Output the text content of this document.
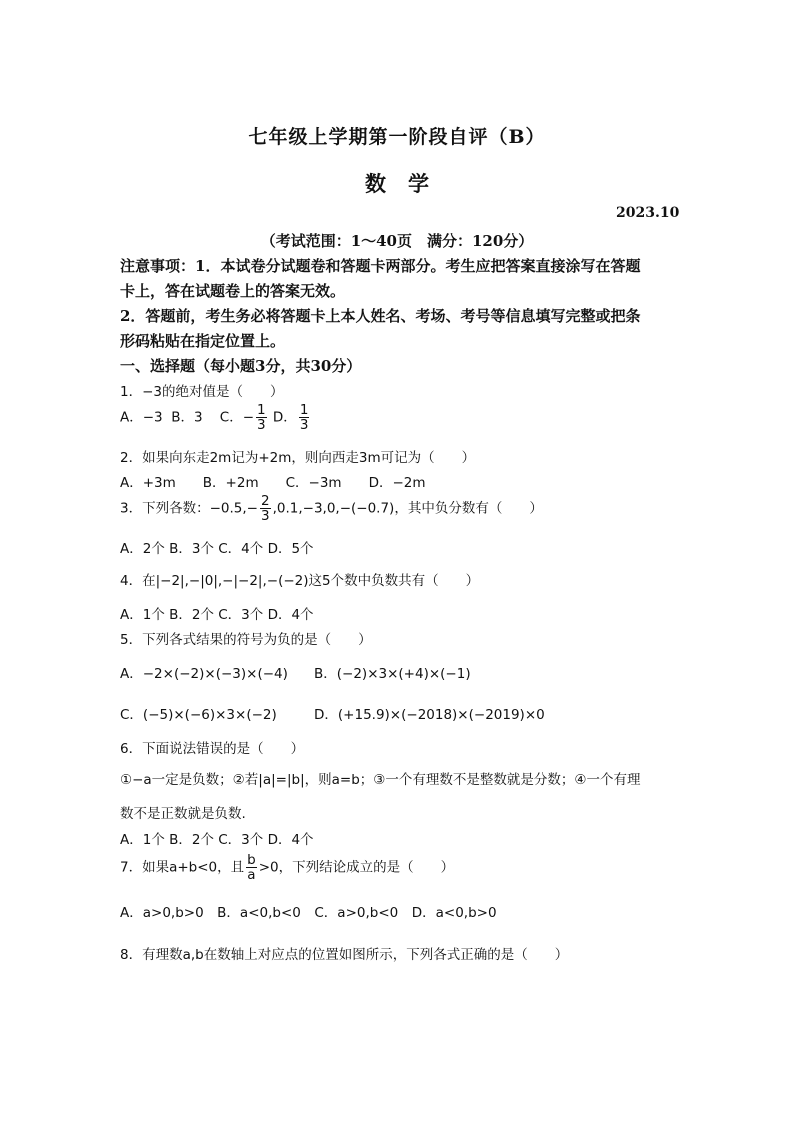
七年级上学期第一阶段自评（B）
数学
2023.10
（考试范围：1～40页　满分：120分）
注意事项：1．本试卷分试题卷和答题卡两部分。考生应把答案直接涂写在答题
卡上，答在试题卷上的答案无效。
2．答题前，考生务必将答题卡上本人姓名、考场、考号等信息填写完整或把条
形码粘贴在指定位置上。
一、选择题（每小题3分，共30分）
1．−3的绝对值是（　　）
A．−3 B．3 C．− $\frac{1}{3}$ D． $\frac{1}{3}$
2．如果向东走2m记为+2m，则向西走3m可记为（　　）
A．+3m　　B．+2m　　C．−3m　　D．−2m
3．下列各数：$-0.5,- \frac{2}{3} ,0.1,-3,0,-(-0.7)$，其中负分数有（　　）
A．2个 B．3个 C．4个 D．5个
4．在|−2|,−|0|,−|−2|,−(−2)这5个数中负数共有（　　）
A．1个 B．2个 C．3个 D．4个
5．下列各式结果的符号为负的是（　　）
A．−2×(−2)×(−3)×(−4) B．(−2)×3×(+4)×(−1)
C．(−5)×(−6)×3×(−2)	D．(+15.9)×(−2018)×(−2019)×0
6．下面说法错误的是（　　）
①−a一定是负数；②若|a|=|b|，则a=b；③一个有理数不是整数就是分数；④一个有理
数不是正数就是负数.
A．1个 B．2个 C．3个 D．4个
7．如果a+b<0，且 $\frac{b}{a} >0$，下列结论成立的是（　　）
A．a>0,b>0　B．a<0,b<0　C．a>0,b<0　D．a<0,b>0
8．有理数a,b在数轴上对应点的位置如图所示，下列各式正确的是（　　）
